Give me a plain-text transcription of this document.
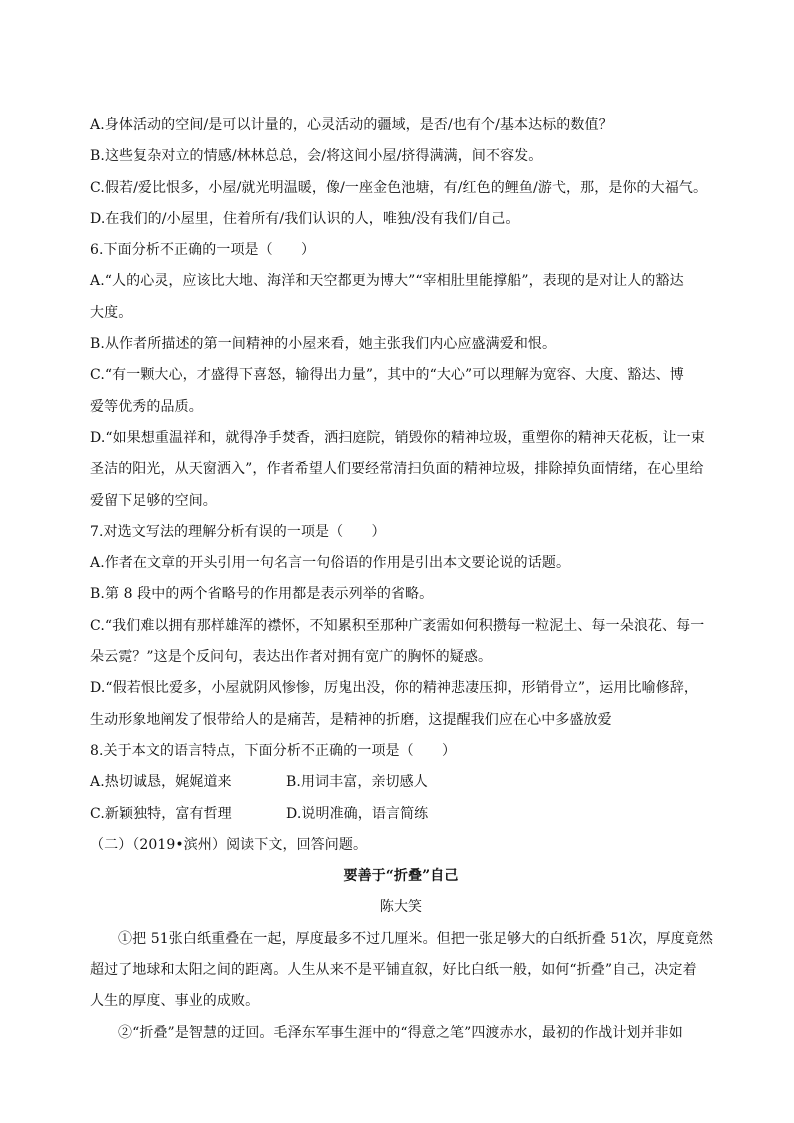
A.身体活动的空间/是可以计量的，心灵活动的疆域，是否/也有个/基本达标的数值？
B.这些复杂对立的情感/林林总总，会/将这间小屋/挤得满满，间不容发。
C.假若/爱比恨多，小屋/就光明温暖，像/一座金色池塘，有/红色的鲤鱼/游弋，那，是你的大福气。
D.在我们的/小屋里，住着所有/我们认识的人，唯独/没有我们/自己。
6.下面分析不正确的一项是（　　）
A.“人的心灵，应该比大地、海洋和天空都更为博大”“宰相肚里能撑船”，表现的是对让人的豁达
大度。
B.从作者所描述的第一间精神的小屋来看，她主张我们内心应盛满爱和恨。
C.“有一颗大心，才盛得下喜怒，输得出力量”，其中的“大心”可以理解为宽容、大度、豁达、博
爱等优秀的品质。
D.“如果想重温祥和，就得净手焚香，洒扫庭院，销毁你的精神垃圾，重塑你的精神天花板，让一束
圣洁的阳光，从天窗洒入”，作者希望人们要经常清扫负面的精神垃圾，排除掉负面情绪，在心里给
爱留下足够的空间。
7.对选文写法的理解分析有误的一项是（　　）
A.作者在文章的开头引用一句名言一句俗语的作用是引出本文要论说的话题。
B.第 8 段中的两个省略号的作用都是表示列举的省略。
C.“我们难以拥有那样雄浑的襟怀，不知累积至那种广袤需如何积攒每一粒泥土、每一朵浪花、每一
朵云霓？”这是个反问句，表达出作者对拥有宽广的胸怀的疑惑。
D.“假若恨比爱多，小屋就阴风惨惨，厉鬼出没，你的精神悲凄压抑，形销骨立”，运用比喻修辞，
生动形象地阐发了恨带给人的是痛苦，是精神的折磨，这提醒我们应在心中多盛放爱
8.关于本文的语言特点，下面分析不正确的一项是（　　）
A.热切诚恳，娓娓道来	B.用词丰富，亲切感人
C.新颖独特，富有哲理	D.说明准确，语言简练
（二）（2019•滨州）阅读下文，回答问题。
要善于“折叠”自己
陈大笑
①把 51张白纸重叠在一起，厚度最多不过几厘米。但把一张足够大的白纸折叠 51次，厚度竟然
超过了地球和太阳之间的距离。人生从来不是平铺直叙，好比白纸一般，如何“折叠”自己，决定着
人生的厚度、事业的成败。
②“折叠”是智慧的迂回。毛泽东军事生涯中的“得意之笔”四渡赤水，最初的作战计划并非如
